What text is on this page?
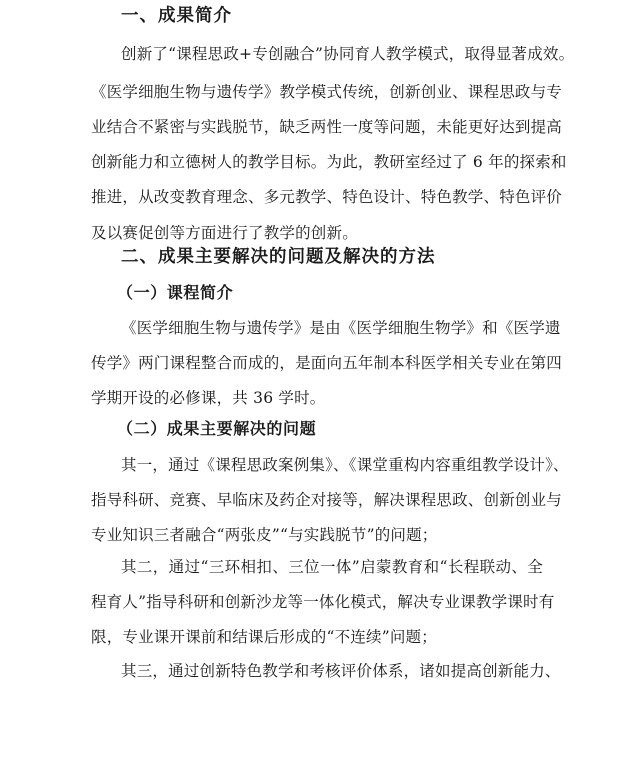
一、成果简介
创新了“课程思政+专创融合”协同育人教学模式，取得显著成效。
《医学细胞生物与遗传学》教学模式传统，创新创业、课程思政与专
业结合不紧密与实践脱节，缺乏两性一度等问题，未能更好达到提高
创新能力和立德树人的教学目标。为此，教研室经过了 6 年的探索和
推进，从改变教育理念、多元教学、特色设计、特色教学、特色评价
及以赛促创等方面进行了教学的创新。
二、成果主要解决的问题及解决的方法
（一）课程简介
《医学细胞生物与遗传学》是由《医学细胞生物学》和《医学遗
传学》两门课程整合而成的，是面向五年制本科医学相关专业在第四
学期开设的必修课，共 36 学时。
（二）成果主要解决的问题
其一，通过《课程思政案例集》、《课堂重构内容重组教学设计》、
指导科研、竞赛、早临床及药企对接等，解决课程思政、创新创业与
专业知识三者融合“两张皮”“与实践脱节”的问题；
其二，通过“三环相扣、三位一体”启蒙教育和“长程联动、全
程育人”指导科研和创新沙龙等一体化模式，解决专业课教学课时有
限，专业课开课前和结课后形成的“不连续”问题；
其三，通过创新特色教学和考核评价体系，诸如提高创新能力、
